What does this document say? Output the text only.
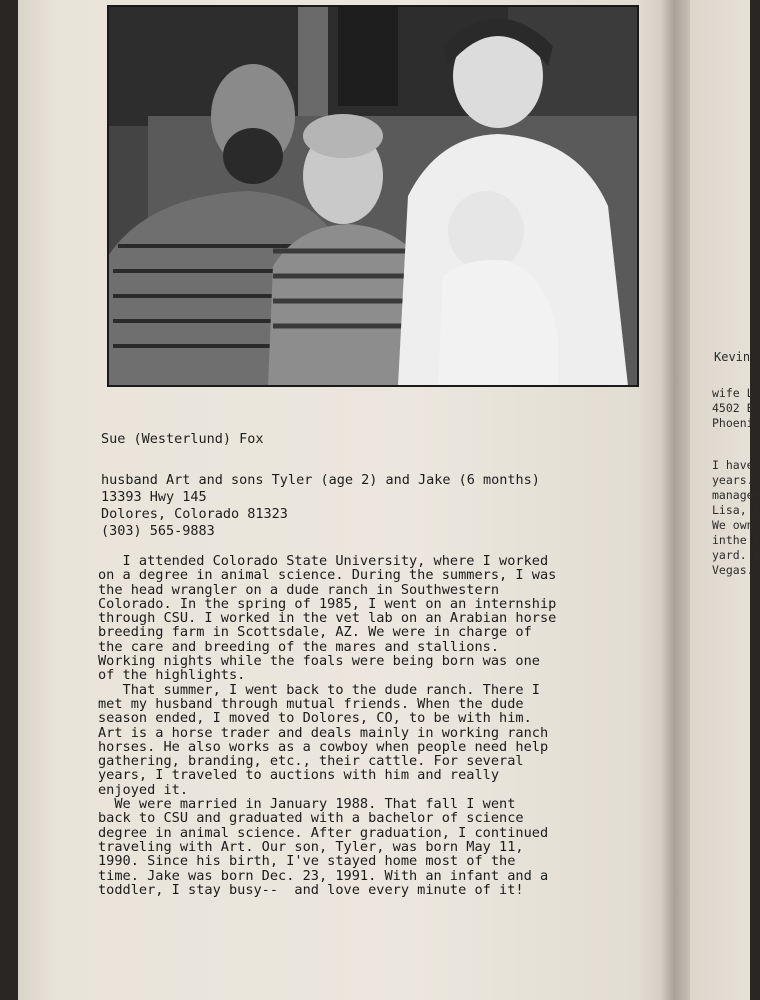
Sue (Westerlund) Fox
husband Art and sons Tyler (age 2) and Jake (6 months)
13393 Hwy 145
Dolores, Colorado 81323
(303) 565-9883
I attended Colorado State University, where I worked
on a degree in animal science. During the summers, I was
the head wrangler on a dude ranch in Southwestern
Colorado. In the spring of 1985, I went on an internship
through CSU. I worked in the vet lab on an Arabian horse
breeding farm in Scottsdale, AZ. We were in charge of
the care and breeding of the mares and stallions.
Working nights while the foals were being born was one
of the highlights.
That summer, I went back to the dude ranch. There I
met my husband through mutual friends. When the dude
season ended, I moved to Dolores, CO, to be with him.
Art is a horse trader and deals mainly in working ranch
horses. He also works as a cowboy when people need help
gathering, branding, etc., their cattle. For several
years, I traveled to auctions with him and really
enjoyed it.
We were married in January 1988. That fall I went
back to CSU and graduated with a bachelor of science
degree in animal science. After graduation, I continued
traveling with Art. Our son, Tyler, was born May 11,
1990. Since his birth, I've stayed home most of the
time. Jake was born Dec. 23, 1991. With an infant and a
toddler, I stay busy--  and love every minute of it!
Kevin
wife L
4502 E
Phoeni
I have
years.
manager
Lisa, i
We own
inthe s
yard. W
Vegas.
